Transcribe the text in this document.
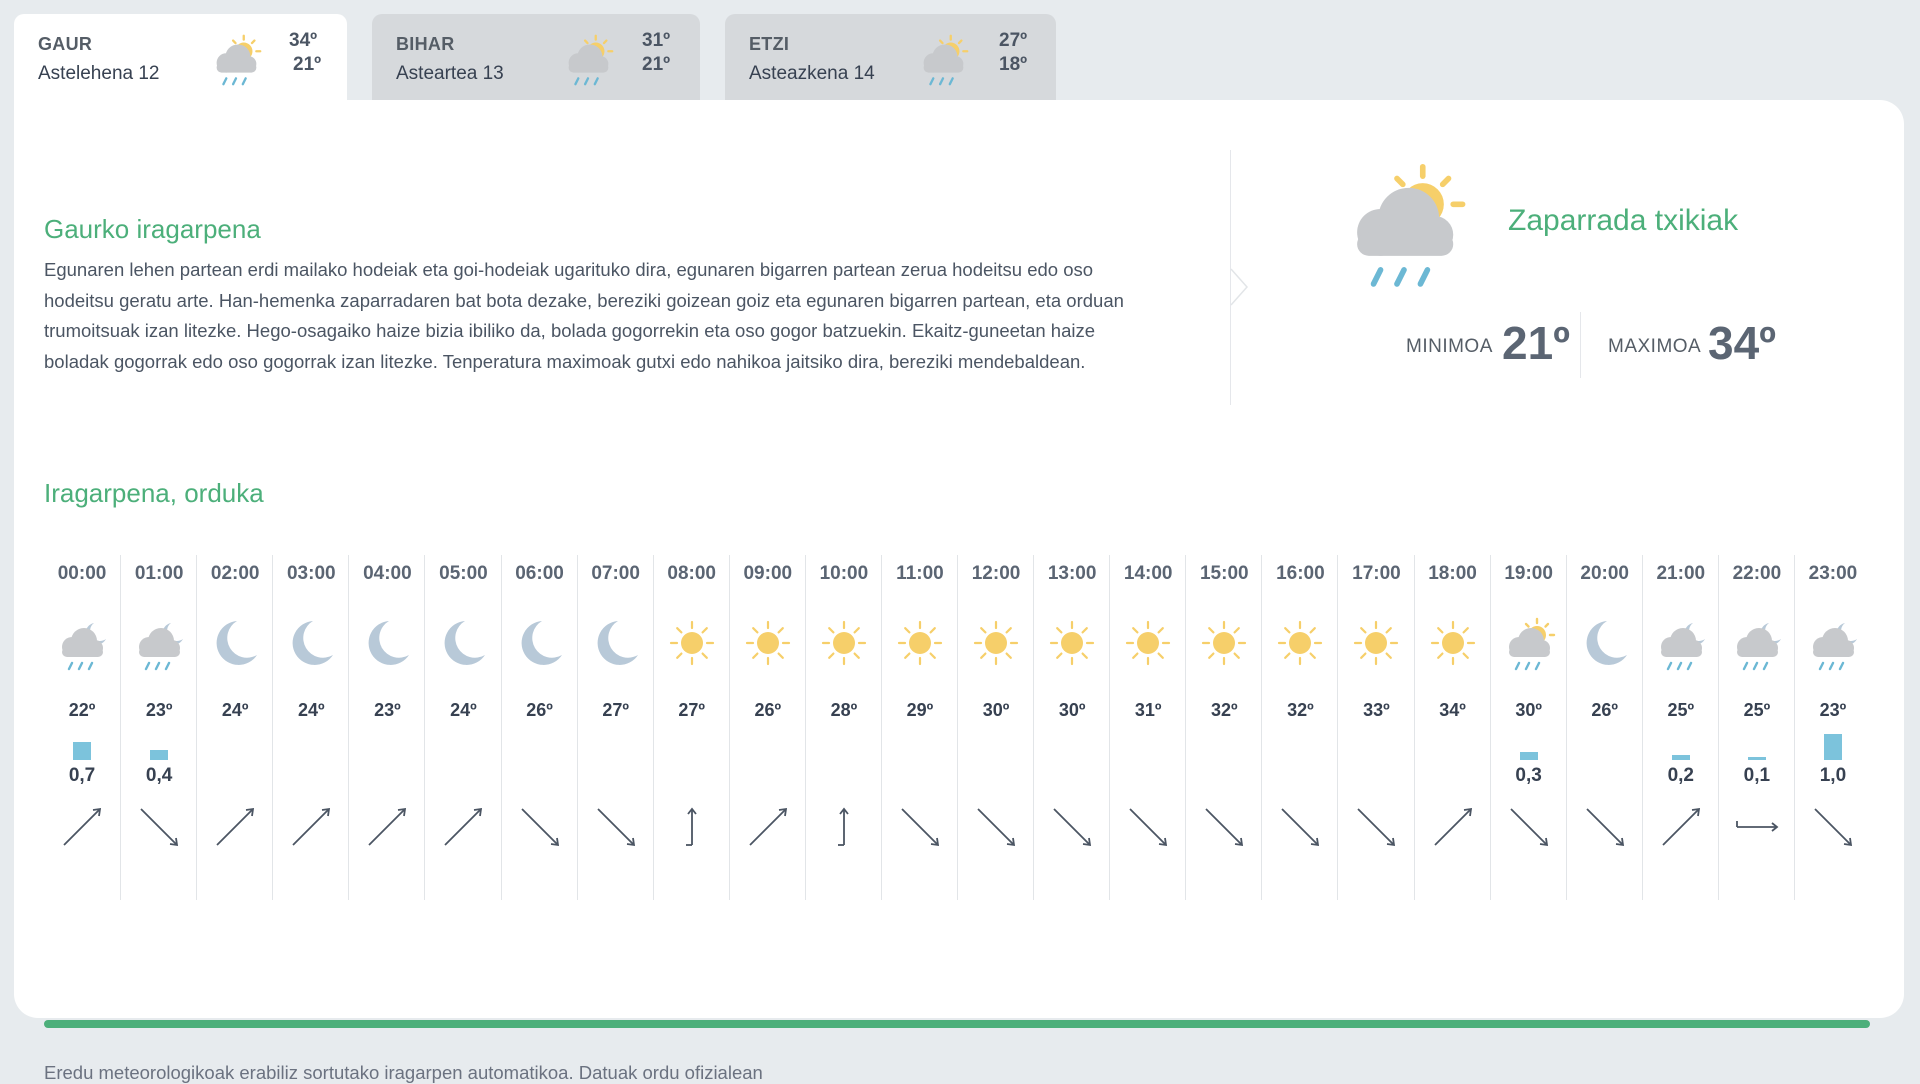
GAUR
Astelehena 12
34º
21º
BIHAR
Asteartea 13
31º
21º
ETZI
Asteazkena 14
27º
18º
Gaurko iragarpena
Egunaren lehen partean erdi mailako hodeiak eta goi-hodeiak ugarituko dira, egunaren bigarren partean zerua hodeitsu edo oso hodeitsu geratu arte. Han-hemenka zaparradaren bat bota dezake, bereziki goizean goiz eta egunaren bigarren partean, eta orduan trumoitsuak izan litezke. Hego-osagaiko haize bizia ibiliko da, bolada gogorrekin eta oso gogor batzuekin. Ekaitz-guneetan haize boladak gogorrak edo oso gogorrak izan litezke. Tenperatura maximoak gutxi edo nahikoa jaitsiko dira, bereziki mendebaldean.
Zaparrada txikiak
MINIMOA 21º MAXIMOA 34º
Iragarpena, orduka
00:00
22º
0,7
01:00
23º
0,4
02:00
24º
03:00
24º
04:00
23º
05:00
24º
06:00
26º
07:00
27º
08:00
27º
09:00
26º
10:00
28º
11:00
29º
12:00
30º
13:00
30º
14:00
31º
15:00
32º
16:00
32º
17:00
33º
18:00
34º
19:00
30º
0,3
20:00
26º
21:00
25º
0,2
22:00
25º
0,1
23:00
23º
1,0
Eredu meteorologikoak erabiliz sortutako iragarpen automatikoa. Datuak ordu ofizialean
